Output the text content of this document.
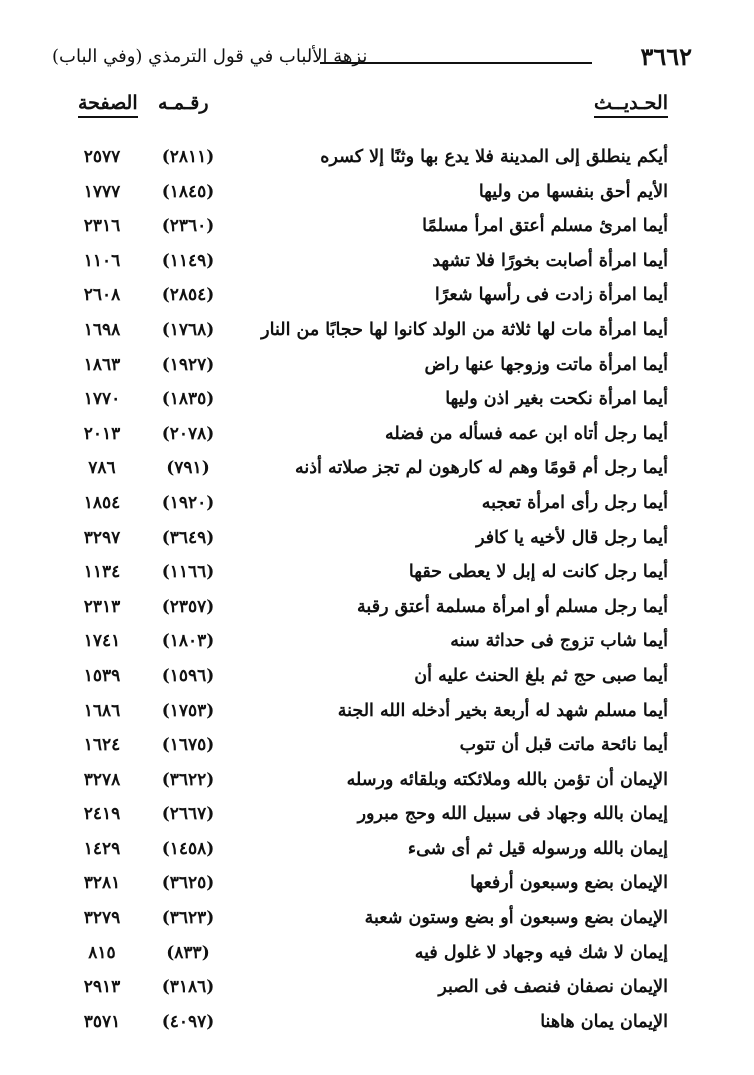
٣٦٦٢
نزهة الألباب في قول الترمذي (وفي الباب)
الحـديــث
رقـمـه
الصفحة
أيكم ينطلق إلى المدينة فلا يدع بها وثنًا إلا كسره
(٢٨١١)
٢٥٧٧
الأيم أحق بنفسها من وليها
(١٨٤٥)
١٧٧٧
أيما امرئ مسلم أعتق امرأ مسلمًا
(٢٣٦٠)
٢٣١٦
أيما امرأة أصابت بخورًا فلا تشهد
(١١٤٩)
١١٠٦
أيما امرأة زادت فى رأسها شعرًا
(٢٨٥٤)
٢٦٠٨
أيما امرأة مات لها ثلاثة من الولد كانوا لها حجابًا من النار
(١٧٦٨)
١٦٩٨
أيما امرأة ماتت وزوجها عنها راض
(١٩٢٧)
١٨٦٣
أيما امرأة نكحت بغير اذن وليها
(١٨٣٥)
١٧٧٠
أيما رجل أتاه ابن عمه فسأله من فضله
(٢٠٧٨)
٢٠١٣
أيما رجل أم قومًا وهم له كارهون لم تجز صلاته أذنه
(٧٩١)
٧٨٦
أيما رجل رأى امرأة تعجبه
(١٩٢٠)
١٨٥٤
أيما رجل قال لأخيه يا كافر
(٣٦٤٩)
٣٢٩٧
أيما رجل كانت له إبل لا يعطى حقها
(١١٦٦)
١١٣٤
أيما رجل مسلم أو امرأة مسلمة أعتق رقبة
(٢٣٥٧)
٢٣١٣
أيما شاب تزوج فى حداثة سنه
(١٨٠٣)
١٧٤١
أيما صبى حج ثم بلغ الحنث عليه أن
(١٥٩٦)
١٥٣٩
أيما مسلم شهد له أربعة بخير أدخله الله الجنة
(١٧٥٣)
١٦٨٦
أيما نائحة ماتت قبل أن تتوب
(١٦٧٥)
١٦٢٤
الإيمان أن تؤمن بالله وملائكته وبلقائه ورسله
(٣٦٢٢)
٣٢٧٨
إيمان بالله وجهاد فى سبيل الله وحج مبرور
(٢٦٦٧)
٢٤١٩
إيمان بالله ورسوله قيل ثم أى شىء
(١٤٥٨)
١٤٢٩
الإيمان بضع وسبعون أرفعها
(٣٦٢٥)
٣٢٨١
الإيمان بضع وسبعون أو بضع وستون شعبة
(٣٦٢٣)
٣٢٧٩
إيمان لا شك فيه وجهاد لا غلول فيه
(٨٣٣)
٨١٥
الإيمان نصفان فنصف فى الصبر
(٣١٨٦)
٢٩١٣
الإيمان يمان هاهنا
(٤٠٩٧)
٣٥٧١
